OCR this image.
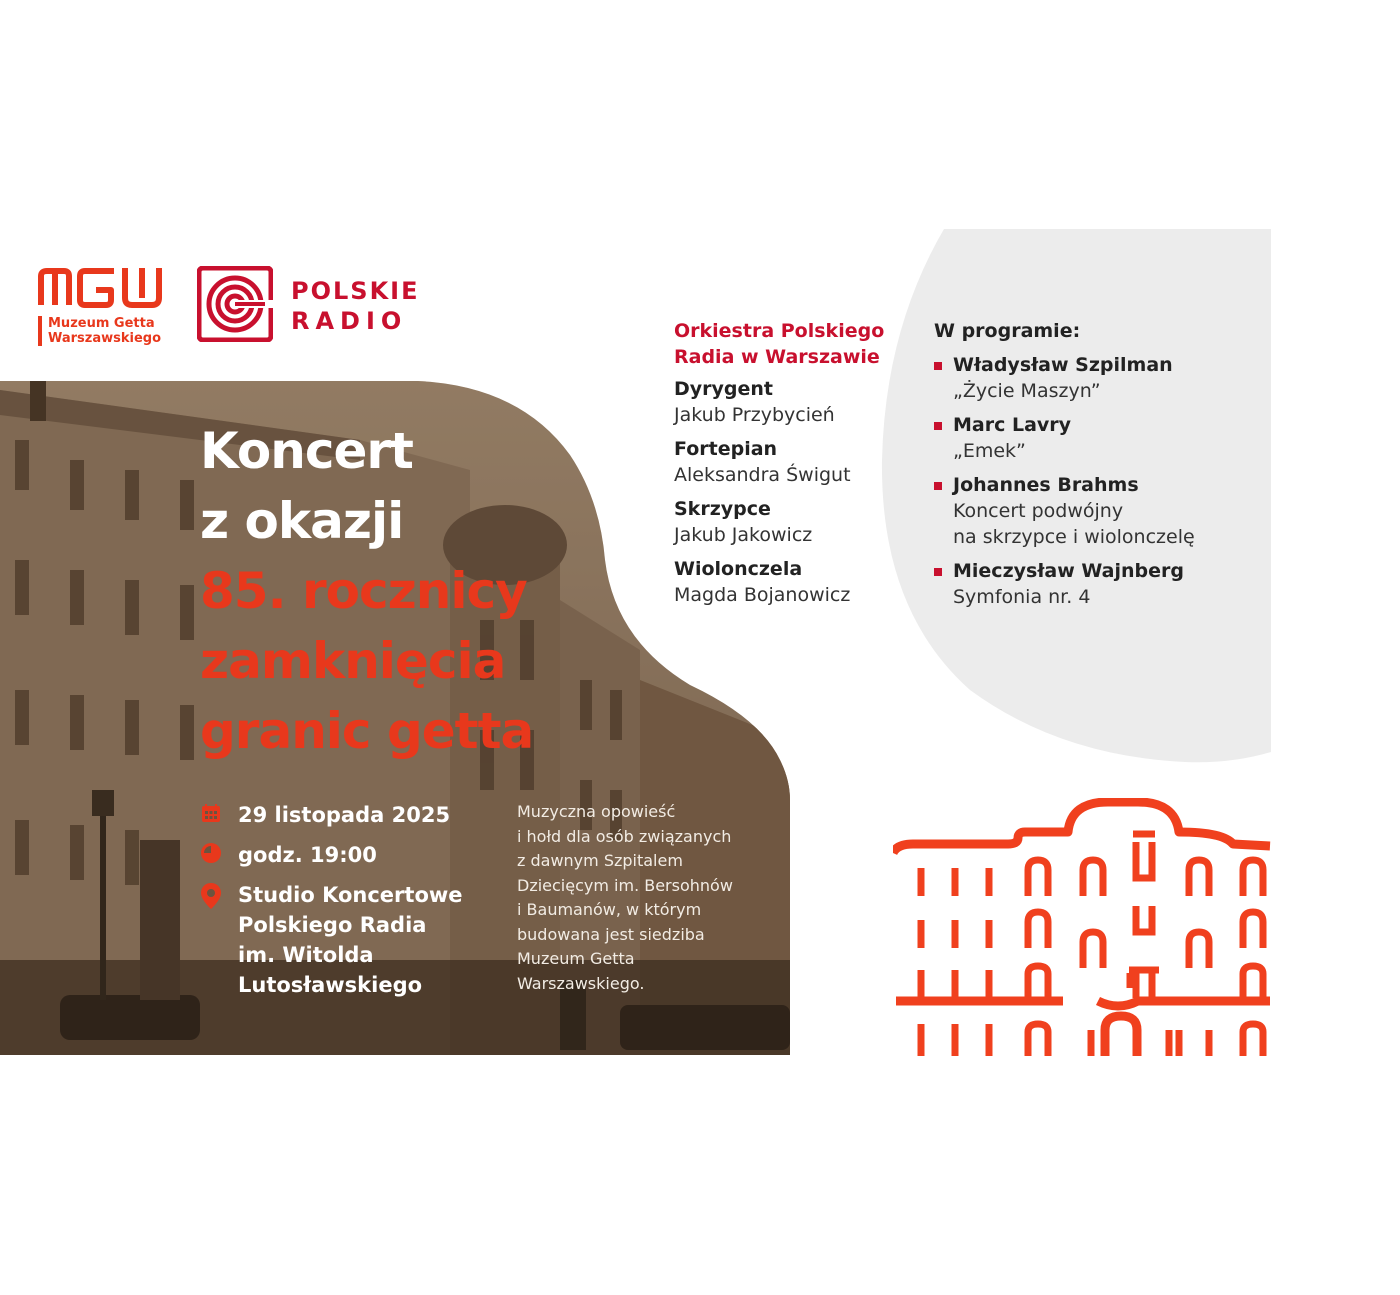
Koncert
z okazji
85. rocznicy
zamknięcia
granic getta
29 listopada 2025
godz. 19:00
Studio Koncertowe
Polskiego Radia
im. Witolda
Lutosławskiego
Muzyczna opowieść
i hołd dla osób związanych
z dawnym Szpitalem
Dziecięcym im. Bersohnów
i Baumanów, w którym
budowana jest siedziba
Muzeum Getta
Warszawskiego.
Muzeum Getta
Warszawskiego
POLSKIE
RADIO	Orkiestra Polskiego
Radia w Warszawie
Dyrygent
Jakub Przybycień
Fortepian
Aleksandra Świgut
Skrzypce
Jakub Jakowicz
Wiolonczela
Magda Bojanowicz
W programie:
Władysław Szpilman
„Życie Maszyn”
Marc Lavry
„Emek”
Johannes Brahms
Koncert podwójny
na skrzypce i wiolonczelę
Mieczysław Wajnberg
Symfonia nr. 4
